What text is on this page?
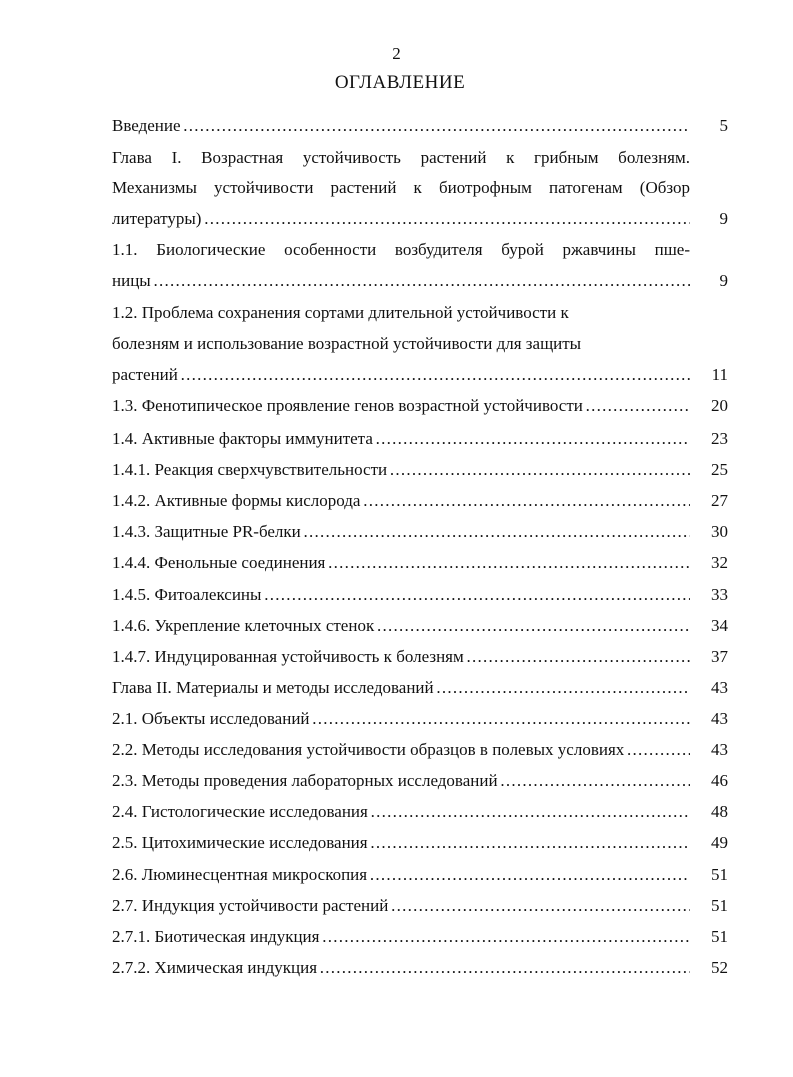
2
ОГЛАВЛЕНИЕ
Введение . . .	5
Глава I. Возрастная устойчивость растений к грибным болезням.
Механизмы устойчивости растений к биотрофным патогенам (Обзор
литературы) . . .	9
1.1. Биологические особенности возбудителя бурой ржавчины пше-
ницы . . .	9
1.2. Проблема сохранения сортами длительной устойчивости к
болезням и использование возрастной устойчивости для защиты
растений . . .	11
1.3. Фенотипическое проявление генов возрастной устойчивости . . .	20
1.4. Активные факторы иммунитета . . .	23
1.4.1. Реакция сверхчувствительности . . .	25
1.4.2. Активные формы кислорода . . .	27
1.4.3. Защитные PR-белки . . .	30
1.4.4. Фенольные соединения . . .	32
1.4.5. Фитоалексины . . .	33
1.4.6. Укрепление клеточных стенок . . .	34
1.4.7. Индуцированная устойчивость к болезням . . .	37
Глава II. Материалы и методы исследований . . .	43
2.1. Объекты исследований . . .	43
2.2. Методы исследования устойчивости образцов в полевых условиях . . .	43
2.3. Методы проведения лабораторных исследований . . .	46
2.4. Гистологические исследования . . .	48
2.5. Цитохимические исследования . . .	49
2.6. Люминесцентная микроскопия . . .	51
2.7. Индукция устойчивости растений . . .	51
2.7.1. Биотическая индукция . . .	51
2.7.2. Химическая индукция . . .	52
